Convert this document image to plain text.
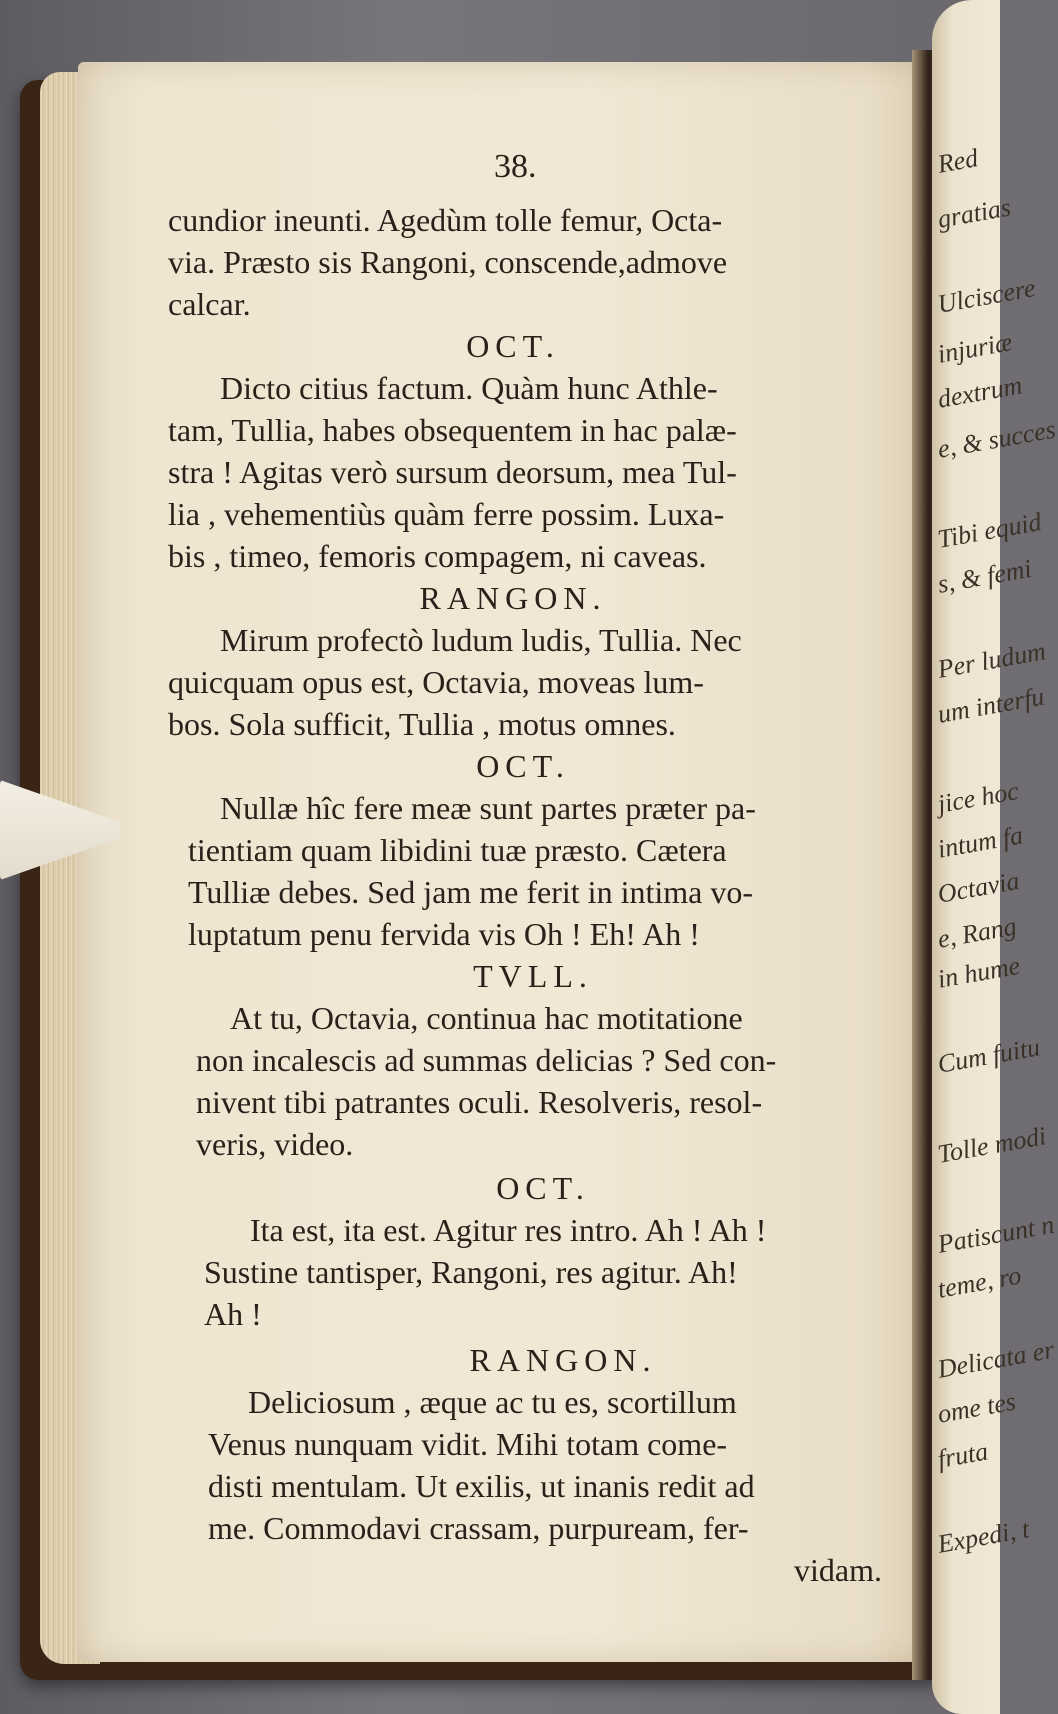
Red
gratias
Ulciscere
injuriæ
dextrum
e, & succes
Tibi equid
s, & femi
Per ludum
um interfu
jice hoc
intum fa
Octavia
e, Rang
in hume
Cum fuitu
Tolle modi
Patiscunt n
teme, ro
Delicata er
ome tes
fruta
Expedi, t
38.
cundior ineunti. Agedùm tolle femur, Octa-
via. Præsto sis Rangoni, conscende,admove
calcar.
OCT.
Dicto citius factum. Quàm hunc Athle-
tam, Tullia, habes obsequentem in hac palæ-
stra ! Agitas verò sursum deorsum, mea Tul-
lia , vehementiùs quàm ferre possim. Luxa-
bis , timeo, femoris compagem, ni caveas.
RANGON.
Mirum profectò ludum ludis, Tullia. Nec
quicquam opus est, Octavia, moveas lum-
bos. Sola sufficit, Tullia , motus omnes.
OCT.
Nullæ hîc fere meæ sunt partes præter pa-
tientiam quam libidini tuæ præsto. Cætera
Tulliæ debes. Sed jam me ferit in intima vo-
luptatum penu fervida vis Oh ! Eh! Ah !
TVLL.
At tu, Octavia, continua hac motitatione
non incalescis ad summas delicias ? Sed con-
nivent tibi patrantes oculi. Resolveris, resol-
veris, video.
OCT.
Ita est, ita est. Agitur res intro. Ah ! Ah !
Sustine tantisper, Rangoni, res agitur. Ah!
Ah !
RANGON.
Deliciosum , æque ac tu es, scortillum
Venus nunquam vidit. Mihi totam come-
disti mentulam. Ut exilis, ut inanis redit ad
me. Commodavi crassam, purpuream, fer-
vidam.
